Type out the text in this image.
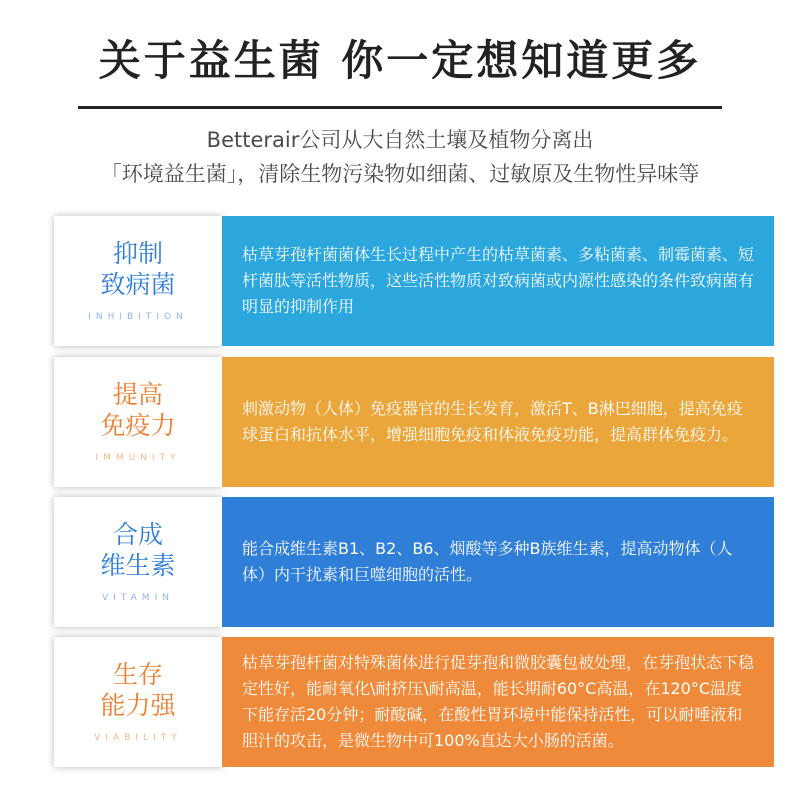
关于益生菌 你一定想知道更多
Betterair公司从大自然土壤及植物分离出
「环境益生菌」，清除生物污染物如细菌、过敏原及生物性异味等
抑制
致病菌
INHIBITION
枯草芽孢杆菌菌体生长过程中产生的枯草菌素、多粘菌素、制霉菌素、短杆菌肽等活性物质，这些活性物质对致病菌或内源性感染的条件致病菌有明显的抑制作用
提高
免疫力
IMMUNITY
刺激动物（人体）免疫器官的生长发育，激活T、B淋巴细胞，提高免疫球蛋白和抗体水平，增强细胞免疫和体液免疫功能，提高群体免疫力。
合成
维生素
VITAMIN
能合成维生素B1、B2、B6、烟酸等多种B族维生素，提高动物体（人体）内干扰素和巨噬细胞的活性。
生存
能力强
VIABILITY
枯草芽孢杆菌对特殊菌体进行促芽孢和微胶囊包被处理，在芽孢状态下稳定性好，能耐氧化\耐挤压\耐高温，能长期耐60°C高温，在120°C温度下能存活20分钟；耐酸碱，在酸性胃环境中能保持活性，可以耐唾液和胆汁的攻击，是微生物中可100%直达大小肠的活菌。
